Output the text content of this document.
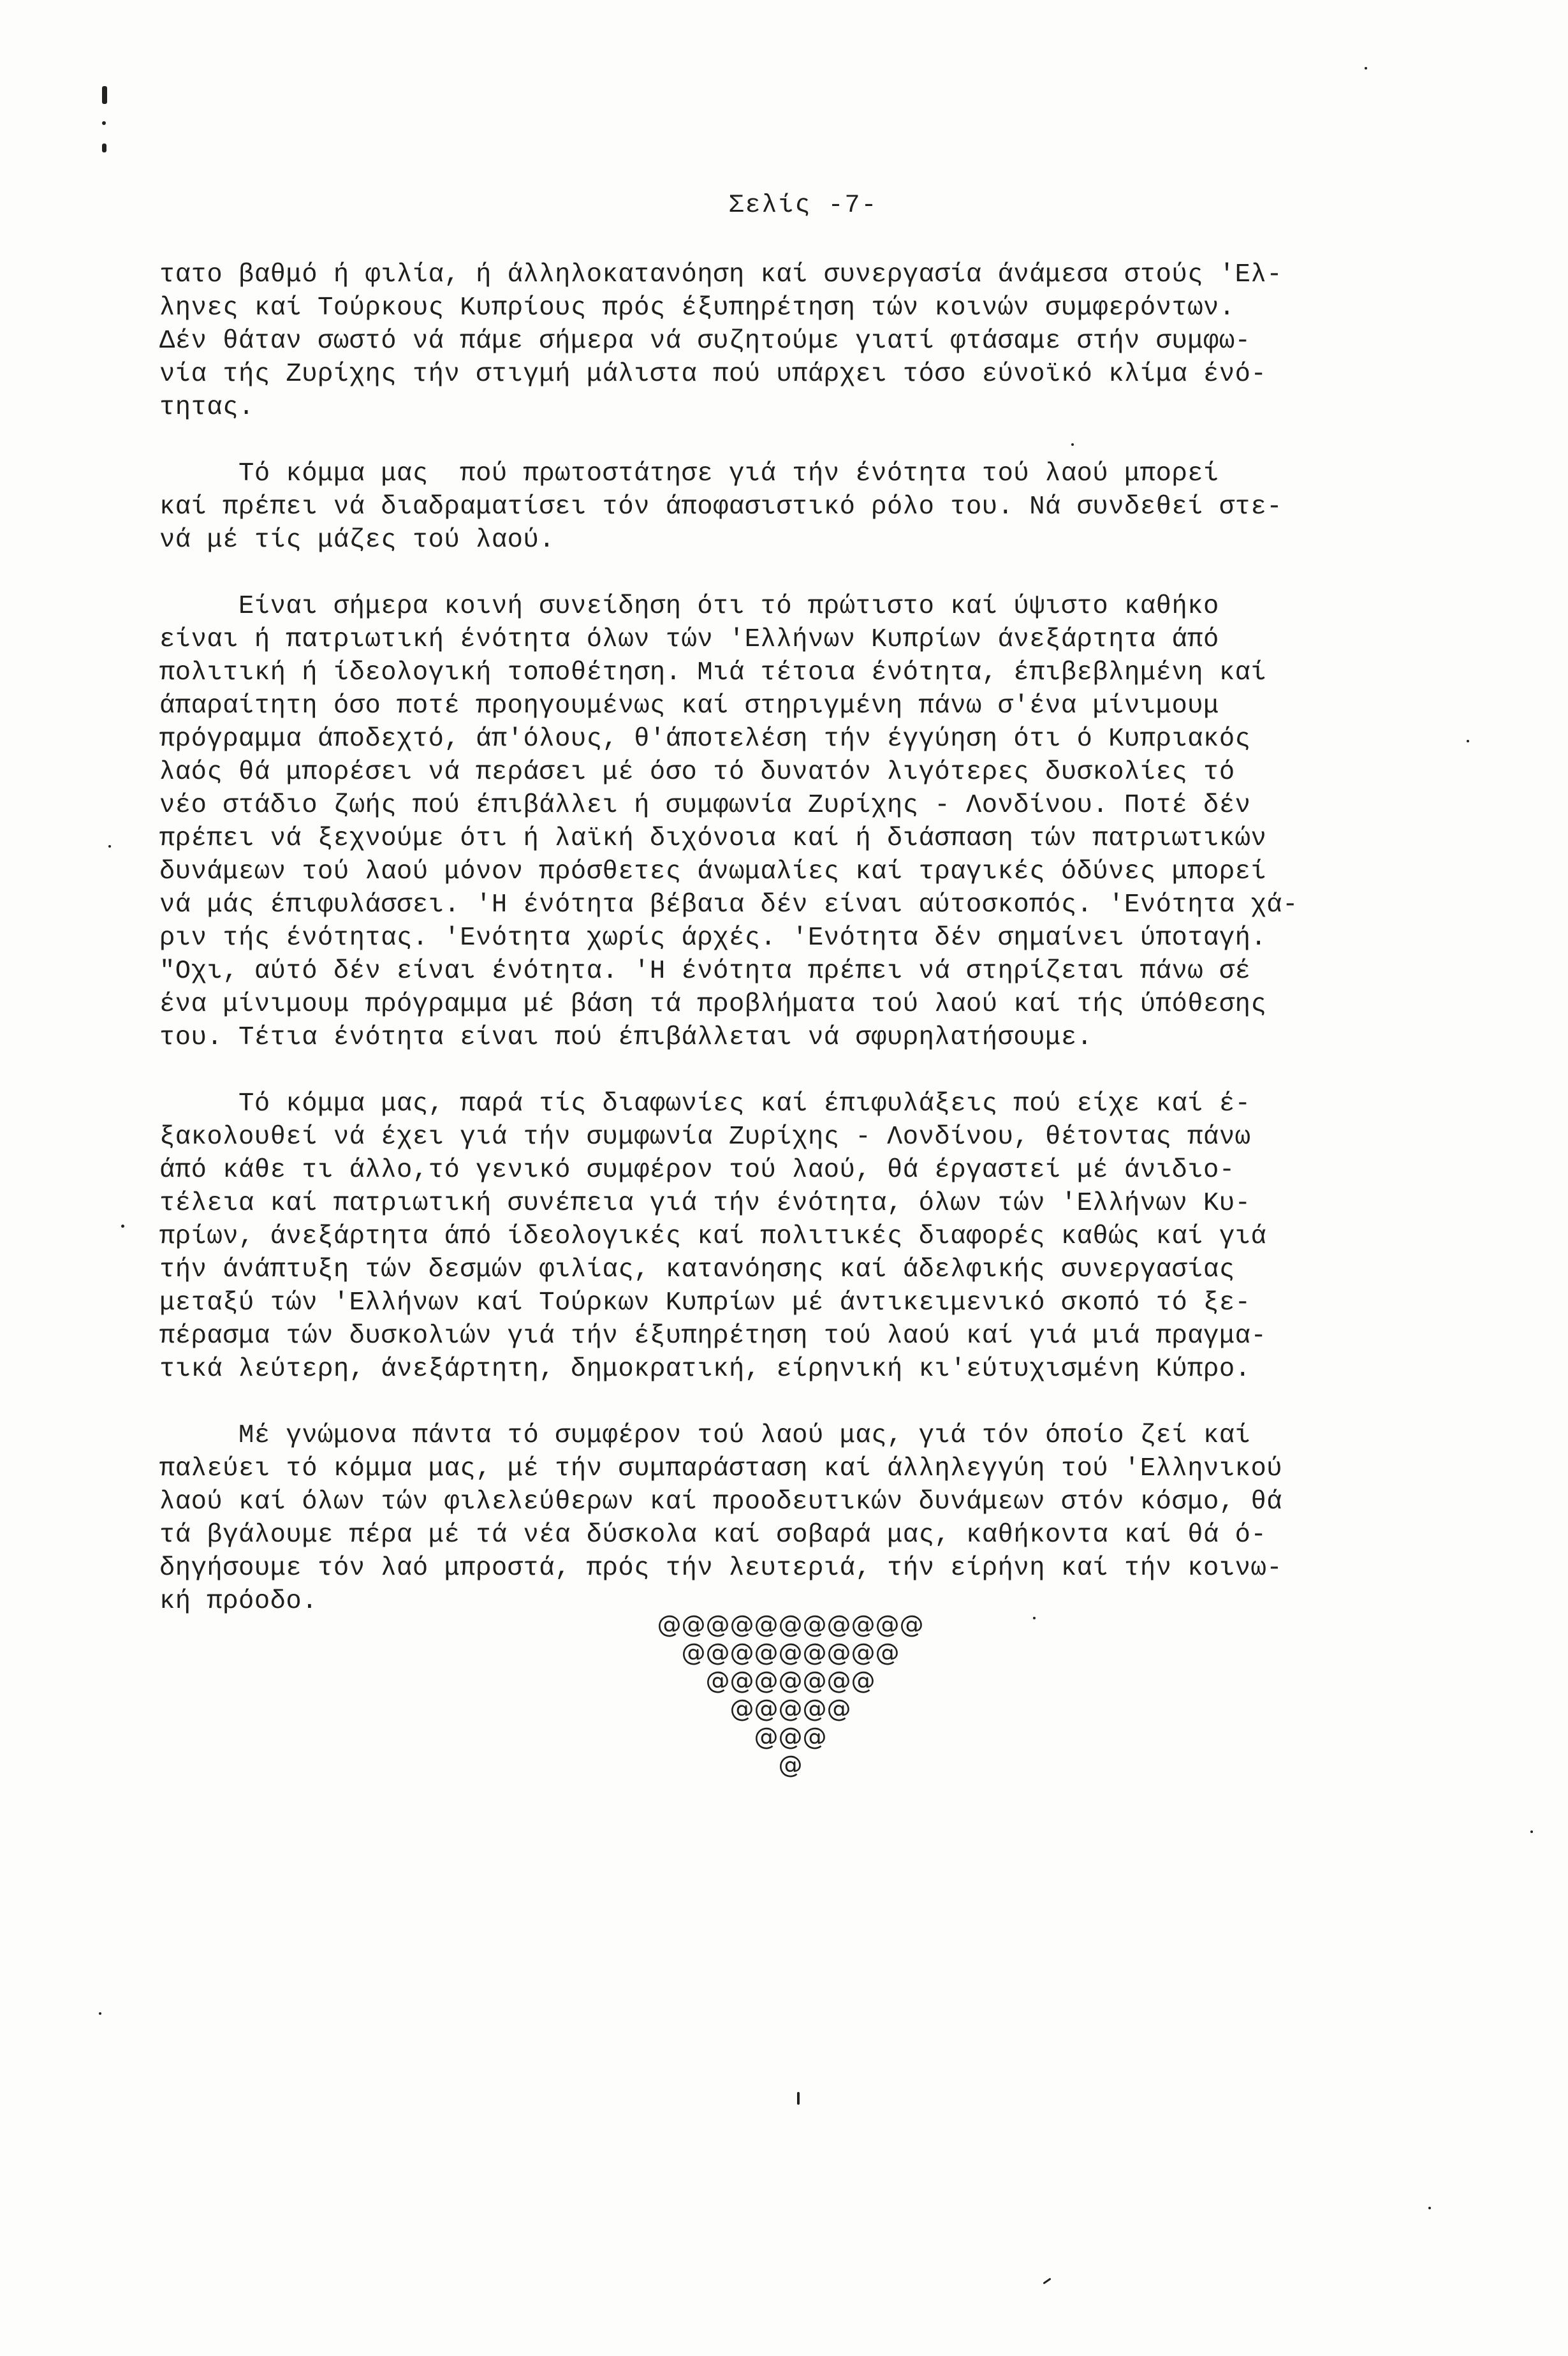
Σελίς -7-
τατο βαθμό ή φιλία, ή άλληλοκατανόηση καί συνεργασία άνάμεσα στούς 'Ελ-
ληνες καί Τούρκους Κυπρίους πρός έξυπηρέτηση τών κοινών συμφερόντων.
Δέν θάταν σωστό νά πάμε σήμερα νά συζητούμε γιατί φτάσαμε στήν συμφω-
νία τής Ζυρίχης τήν στιγμή μάλιστα πού υπάρχει τόσο εύνοϊκό κλίμα ένό-
τητας.
Τό κόμμα μας  πού πρωτοστάτησε γιά τήν ένότητα τού λαού μπορεί
καί πρέπει νά διαδραματίσει τόν άποφασιστικό ρόλο του. Νά συνδεθεί στε-
νά μέ τίς μάζες τού λαού.
Είναι σήμερα κοινή συνείδηση ότι τό πρώτιστο καί ύψιστο καθήκο
είναι ή πατριωτική ένότητα όλων τών 'Ελλήνων Κυπρίων άνεξάρτητα άπό
πολιτική ή ίδεολογική τοποθέτηση. Μιά τέτοια ένότητα, έπιβεβλημένη καί
άπαραίτητη όσο ποτέ προηγουμένως καί στηριγμένη πάνω σ'ένα μίνιμουμ
πρόγραμμα άποδεχτό, άπ'όλους, θ'άποτελέση τήν έγγύηση ότι ό Κυπριακός
λαός θά μπορέσει νά περάσει μέ όσο τό δυνατόν λιγότερες δυσκολίες τό
νέο στάδιο ζωής πού έπιβάλλει ή συμφωνία Ζυρίχης - Λονδίνου. Ποτέ δέν
πρέπει νά ξεχνούμε ότι ή λαϊκή διχόνοια καί ή διάσπαση τών πατριωτικών
δυνάμεων τού λαού μόνον πρόσθετες άνωμαλίες καί τραγικές όδύνες μπορεί
νά μάς έπιφυλάσσει. 'Η ένότητα βέβαια δέν είναι αύτοσκοπός. 'Ενότητα χά-
ριν τής ένότητας. 'Ενότητα χωρίς άρχές. 'Ενότητα δέν σημαίνει ύποταγή.
"Οχι, αύτό δέν είναι ένότητα. 'Η ένότητα πρέπει νά στηρίζεται πάνω σέ
ένα μίνιμουμ πρόγραμμα μέ βάση τά προβλήματα τού λαού καί τής ύπόθεσης
του. Τέτια ένότητα είναι πού έπιβάλλεται νά σφυρηλατήσουμε.
Τό κόμμα μας, παρά τίς διαφωνίες καί έπιφυλάξεις πού είχε καί έ-
ξακολουθεί νά έχει γιά τήν συμφωνία Ζυρίχης - Λονδίνου, θέτοντας πάνω
άπό κάθε τι άλλο,τό γενικό συμφέρον τού λαού, θά έργαστεί μέ άνιδιο-
τέλεια καί πατριωτική συνέπεια γιά τήν ένότητα, όλων τών 'Ελλήνων Κυ-
πρίων, άνεξάρτητα άπό ίδεολογικές καί πολιτικές διαφορές καθώς καί γιά
τήν άνάπτυξη τών δεσμών φιλίας, κατανόησης καί άδελφικής συνεργασίας
μεταξύ τών 'Ελλήνων καί Τούρκων Κυπρίων μέ άντικειμενικό σκοπό τό ξε-
πέρασμα τών δυσκολιών γιά τήν έξυπηρέτηση τού λαού καί γιά μιά πραγμα-
τικά λεύτερη, άνεξάρτητη, δημοκρατική, είρηνική κι'εύτυχισμένη Κύπρο.
Μέ γνώμονα πάντα τό συμφέρον τού λαού μας, γιά τόν όποίο ζεί καί
παλεύει τό κόμμα μας, μέ τήν συμπαράσταση καί άλληλεγγύη τού 'Ελληνικού
λαού καί όλων τών φιλελεύθερων καί προοδευτικών δυνάμεων στόν κόσμο, θά
τά βγάλουμε πέρα μέ τά νέα δύσκολα καί σοβαρά μας, καθήκοντα καί θά ό-
δηγήσουμε τόν λαό μπροστά, πρός τήν λευτεριά, τήν είρήνη καί τήν κοινω-
κή πρόοδο.
@@@@@@@@@@@
@@@@@@@@@
@@@@@@@
@@@@@
@@@
@
